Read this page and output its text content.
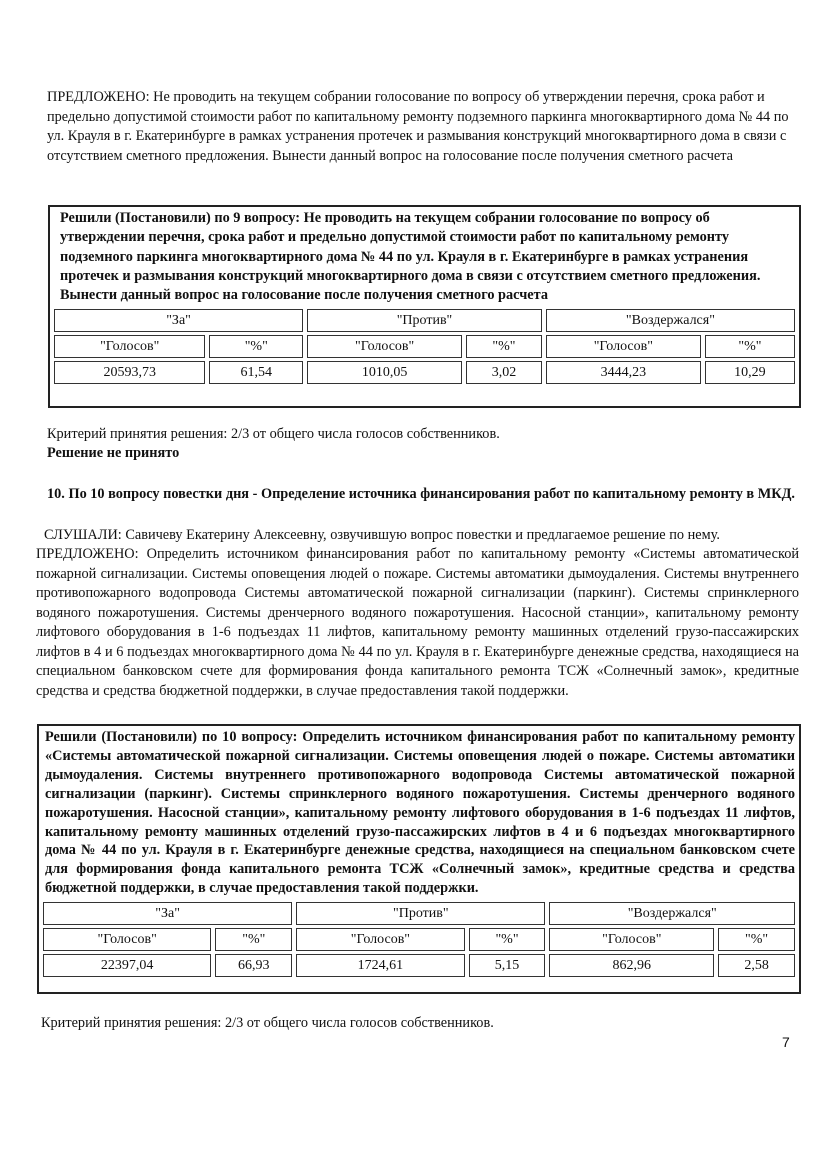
ПРЕДЛОЖЕНО: Не проводить на текущем собрании голосование по вопросу об утверждении перечня, срока работ и предельно допустимой стоимости работ по капитальному ремонту подземного паркинга многоквартирного дома № 44 по ул. Крауля в г. Екатеринбурге в рамках устранения протечек и размывания конструкций многоквартирного дома в связи с отсутствием сметного предложения. Вынести данный вопрос на голосование после получения сметного расчета
Решили (Постановили) по 9 вопросу: Не проводить на текущем собрании голосование по вопросу об утверждении перечня, срока работ и предельно допустимой стоимости работ по капитальному ремонту подземного паркинга многоквартирного дома № 44 по ул. Крауля в г. Екатеринбурге в рамках устранения протечек и размывания конструкций многоквартирного дома в связи с отсутствием сметного предложения. Вынести данный вопрос на голосование после получения сметного расчета
"За"		"Против"		"Воздержался"	
"Голосов"	"%"	"Голосов"	"%"	"Голосов"	"%"
20593,73	61,54	1010,05	3,02	3444,23	10,29
Критерий принятия решения: 2/3 от общего числа голосов собственников.
Решение не принято
10. По 10 вопросу повестки дня - Определение источника финансирования работ по капитальному ремонту в МКД.
СЛУШАЛИ: Савичеву Екатерину Алексеевну, озвучившую вопрос повестки и предлагаемое решение по нему.
ПРЕДЛОЖЕНО: Определить источником финансирования работ по капитальному ремонту «Системы автоматической пожарной сигнализации. Системы оповещения людей о пожаре. Системы автоматики дымоудаления. Системы внутреннего противопожарного водопровода Системы автоматической пожарной сигнализации (паркинг). Системы спринклерного водяного пожаротушения. Системы дренчерного водяного пожаротушения. Насосной станции», капитальному ремонту лифтового оборудования в 1-6 подъездах 11 лифтов, капитальному ремонту машинных отделений грузо-пассажирских лифтов в 4 и 6 подъездах многоквартирного дома № 44 по ул. Крауля в г. Екатеринбурге денежные средства, находящиеся на специальном банковском счете для формирования фонда капитального ремонта ТСЖ «Солнечный замок», кредитные средства и средства бюджетной поддержки, в случае предоставления такой поддержки.
Решили (Постановили) по 10 вопросу: Определить источником финансирования работ по капитальному ремонту «Системы автоматической пожарной сигнализации. Системы оповещения людей о пожаре. Системы автоматики дымоудаления. Системы внутреннего противопожарного водопровода Системы автоматической пожарной сигнализации (паркинг). Системы спринклерного водяного пожаротушения. Системы дренчерного водяного пожаротушения. Насосной станции», капитальному ремонту лифтового оборудования в 1-6 подъездах 11 лифтов, капитальному ремонту машинных отделений грузо-пассажирских лифтов в 4 и 6 подъездах многоквартирного дома № 44 по ул. Крауля в г. Екатеринбурге денежные средства, находящиеся на специальном банковском счете для формирования фонда капитального ремонта ТСЖ «Солнечный замок», кредитные средства и средства бюджетной поддержки, в случае предоставления такой поддержки.
"За"		"Против"		"Воздержался"	
"Голосов"	"%"	"Голосов"	"%"	"Голосов"	"%"
22397,04	66,93	1724,61	5,15	862,96	2,58
Критерий принятия решения: 2/3 от общего числа голосов собственников.
7
